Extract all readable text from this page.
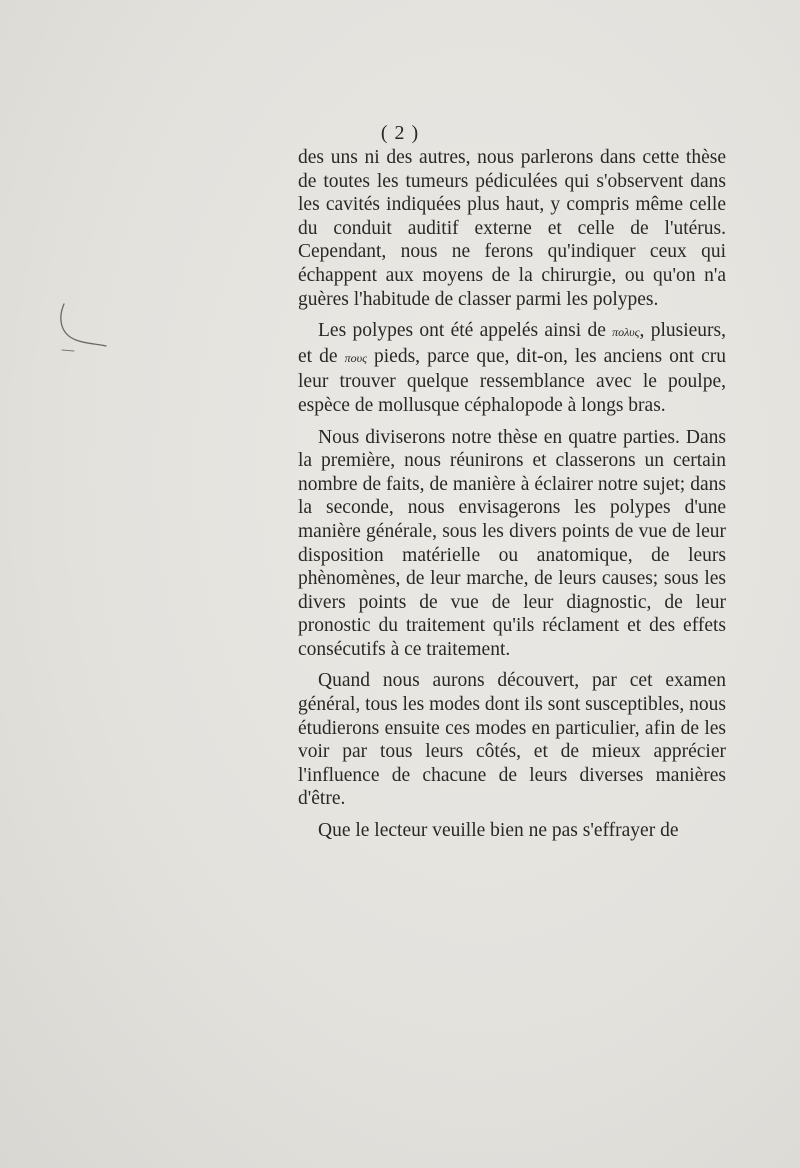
( 2 )

des uns ni des autres, nous parlerons dans cette thèse de toutes les tumeurs pédiculées qui s'observent dans les cavités indiquées plus haut, y compris même celle du conduit auditif externe et celle de l'utérus. Cependant, nous ne ferons qu'indiquer ceux qui échappent aux moyens de la chirurgie, ou qu'on n'a guères l'habitude de classer parmi les polypes.

Les polypes ont été appelés ainsi de πολυς, plusieurs, et de πους pieds, parce que, dit-on, les anciens ont cru leur trouver quelque ressemblance avec le poulpe, espèce de mollusque céphalopode à longs bras.

Nous diviserons notre thèse en quatre parties. Dans la première, nous réunirons et classerons un certain nombre de faits, de manière à éclairer notre sujet; dans la seconde, nous envisagerons les polypes d'une manière générale, sous les divers points de vue de leur disposition matérielle ou anatomique, de leurs phènomènes, de leur marche, de leurs causes; sous les divers points de vue de leur diagnostic, de leur pronostic du traitement qu'ils réclament et des effets consécutifs à ce traitement.

Quand nous aurons découvert, par cet examen général, tous les modes dont ils sont susceptibles, nous étudierons ensuite ces modes en particulier, afin de les voir par tous leurs côtés, et de mieux apprécier l'influence de chacune de leurs diverses manières d'être.

Que le lecteur veuille bien ne pas s'effrayer de
